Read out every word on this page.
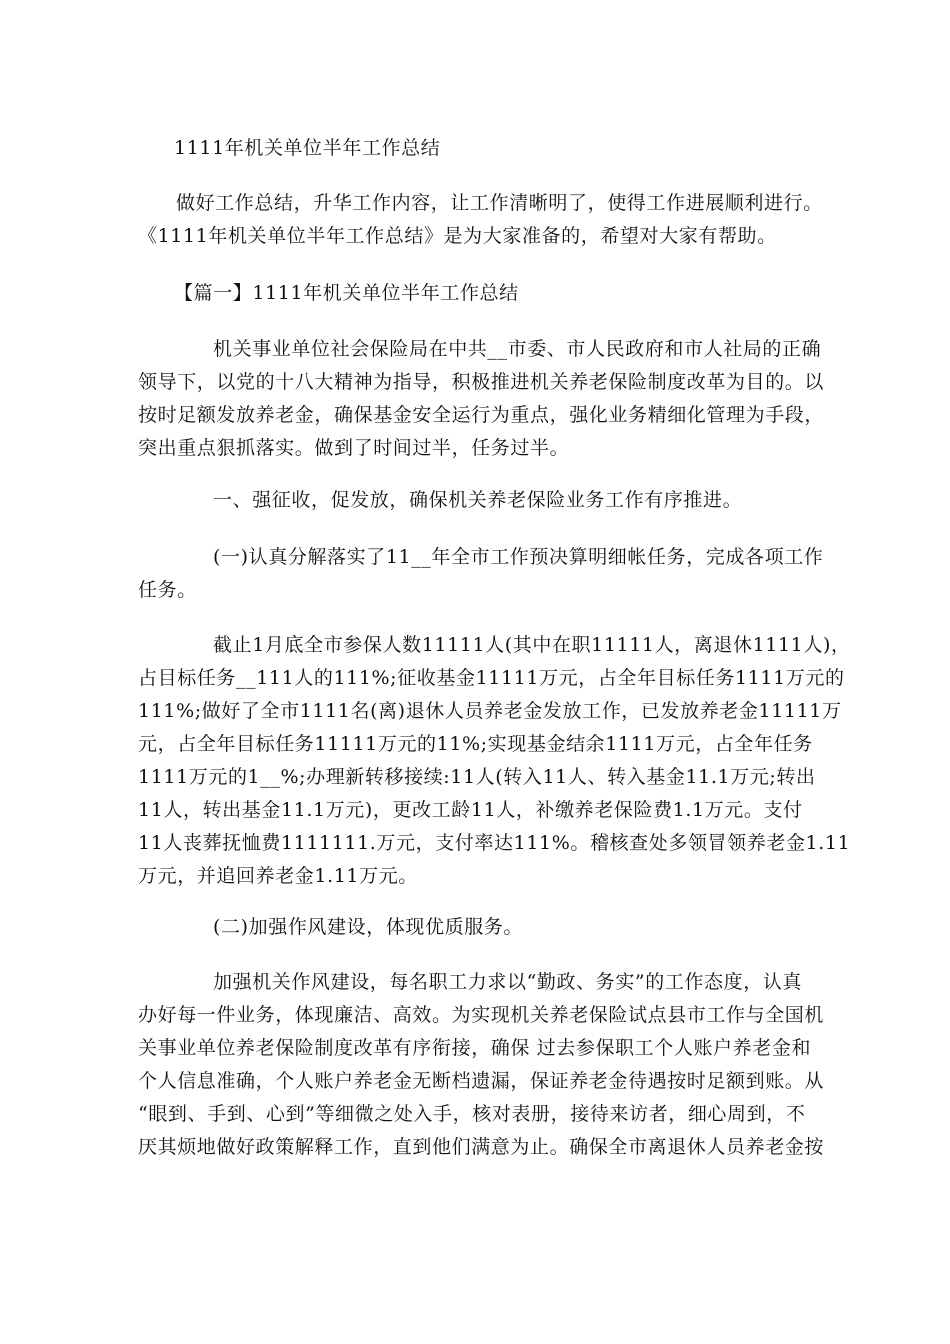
1111年机关单位半年工作总结

做好工作总结，升华工作内容，让工作清晰明了，使得工作进展顺利进行。

《1111年机关单位半年工作总结》是为大家准备的，希望对大家有帮助。

【篇一】1111年机关单位半年工作总结

机关事业单位社会保险局在中共__市委、市人民政府和市人社局的正确

领导下，以党的十八大精神为指导，积极推进机关养老保险制度改革为目的。以
按时足额发放养老金，确保基金安全运行为重点，强化业务精细化管理为手段，
突出重点狠抓落实。做到了时间过半，任务过半。

一、强征收，促发放，确保机关养老保险业务工作有序推进。

(一)认真分解落实了11__年全市工作预决算明细帐任务，完成各项工作

任务。

截止1月底全市参保人数11111人(其中在职11111人，离退休1111人)，

占目标任务__111人的111%;征收基金11111万元，占全年目标任务1111万元的
111%;做好了全市1111名(离)退休人员养老金发放工作，已发放养老金11111万
元，占全年目标任务11111万元的11%;实现基金结余1111万元，占全年任务
1111万元的1__%;办理新转移接续:11人(转入11人、转入基金11.1万元;转出
11人，转出基金11.1万元)，更改工龄11人，补缴养老保险费1.1万元。支付
11人丧葬抚恤费1111111.万元，支付率达111%。稽核查处多领冒领养老金1.11
万元，并追回养老金1.11万元。

(二)加强作风建设，体现优质服务。

加强机关作风建设，每名职工力求以“勤政、务实”的工作态度，认真

办好每一件业务，体现廉洁、高效。为实现机关养老保险试点县市工作与全国机
关事业单位养老保险制度改革有序衔接，确保 过去参保职工个人账户养老金和
个人信息准确，个人账户养老金无断档遗漏，保证养老金待遇按时足额到账。从
“眼到、手到、心到”等细微之处入手，核对表册，接待来访者，细心周到，不
厌其烦地做好政策解释工作，直到他们满意为止。确保全市离退休人员养老金按
